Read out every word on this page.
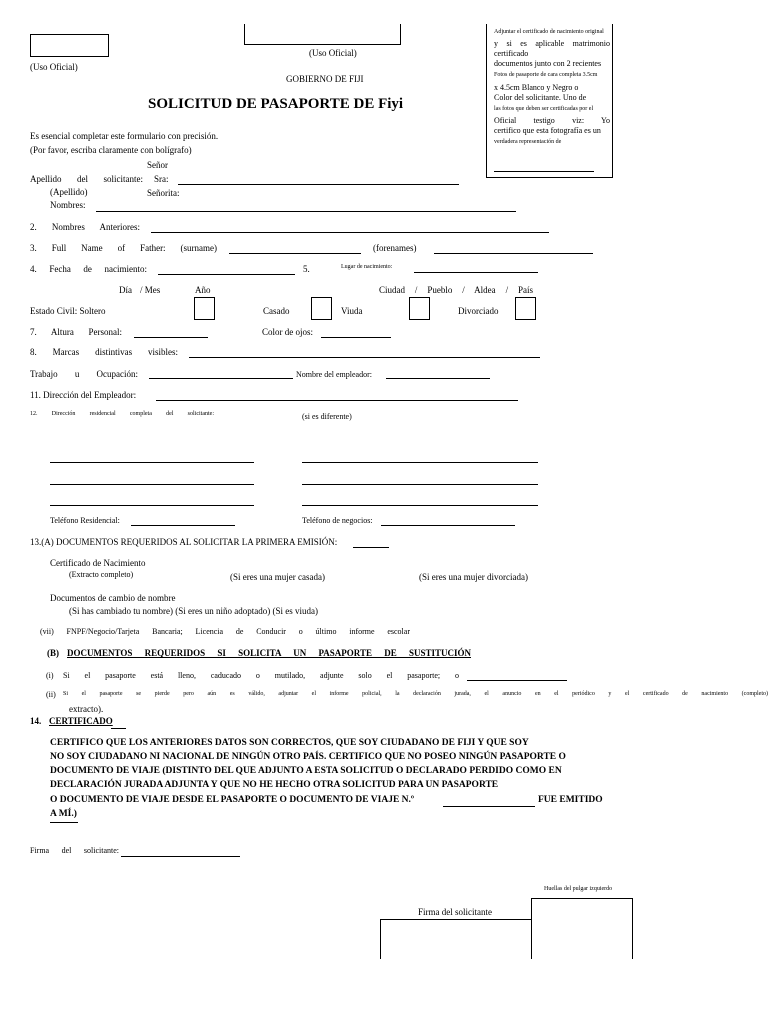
(Uso Oficial)
(Uso Oficial)
GOBIERNO DE FIJI
SOLICITUD DE PASAPORTE DE Fiyi
Es esencial completar este formulario con precisión.
(Por favor, escriba claramente con bolígrafo)
Adjuntar el certificado de nacimiento original
y si es aplicable matrimonio
certificado
documentos junto con 2 recientes
Fotos de pasaporte de cara completa 3.5cm
x 4.5cm Blanco y Negro o
Color del solicitante. Uno de
las fotos que deben ser certificadas por el
Oficial testigo viz: Yo
certifico que esta fotografía es un
verdadera representación de
Señor
Apellido del solicitante: Sra:
(Apellido)	Señorita:
Nombres:
2. Nombres Anteriores:
3. Full Name of Father: (surname)	(forenames)
4. Fecha de nacimiento:	5.	Lugar de nacimiento:
Día / Mes	Año	Ciudad / Pueblo / Aldea / País
Estado Civil: Soltero	Casado	Viuda	Divorciado
7. Altura Personal:	Color de ojos:
8. Marcas distintivas visibles:
Trabajo u Ocupación:	Nombre del empleador:
11. Dirección del Empleador:
12. Dirección residencial completa del solicitante:	(si es diferente)
Teléfono Residencial:	Teléfono de negocios:
13.(A) DOCUMENTOS REQUERIDOS AL SOLICITAR LA PRIMERA EMISIÓN:
Certificado de Nacimiento
(Extracto completo)	(Si eres una mujer casada)	(Si eres una mujer divorciada)
Documentos de cambio de nombre
(Si has cambiado tu nombre) (Si eres un niño adoptado) (Si es viuda)
(vii) FNPF/Negocio/Tarjeta Bancaria; Licencia de Conducir o último informe escolar
(B) DOCUMENTOS REQUERIDOS SI SOLICITA UN PASAPORTE DE SUSTITUCIÓN
(i) Si el pasaporte está lleno, caducado o mutilado, adjunte solo el pasaporte; o
(ii) Si el pasaporte se pierde pero aún es válido, adjuntar el informe policial, la declaración jurada, el anuncio en el periódico y el certificado de nacimiento (completo)
extracto).
14. CERTIFICADO
CERTIFICO QUE LOS ANTERIORES DATOS SON CORRECTOS, QUE SOY CIUDADANO DE FIJI Y QUE SOY
NO SOY CIUDADANO NI NACIONAL DE NINGÚN OTRO PAÍS. CERTIFICO QUE NO POSEO NINGÚN PASAPORTE O
DOCUMENTO DE VIAJE (DISTINTO DEL QUE ADJUNTO A ESTA SOLICITUD O DECLARADO PERDIDO COMO EN
DECLARACIÓN JURADA ADJUNTA Y QUE NO HE HECHO OTRA SOLICITUD PARA UN PASAPORTE
O DOCUMENTO DE VIAJE DESDE EL PASAPORTE O DOCUMENTO DE VIAJE N.º	FUE EMITIDO
A MÍ.)
Firma del solicitante:
Huellas del pulgar izquierdo
Firma del solicitante
